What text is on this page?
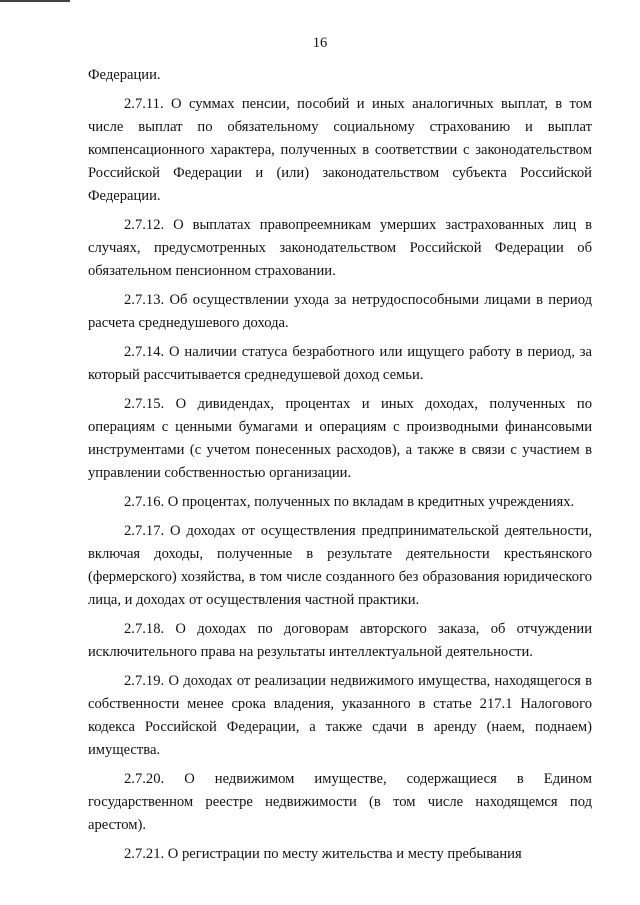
16

Федерации.

2.7.11. О суммах пенсии, пособий и иных аналогичных выплат, в том числе выплат по обязательному социальному страхованию и выплат компенсационного характера, полученных в соответствии с законодательством Российской Федерации и (или) законодательством субъекта Российской Федерации.

2.7.12. О выплатах правопреемникам умерших застрахованных лиц в случаях, предусмотренных законодательством Российской Федерации об обязательном пенсионном страховании.

2.7.13. Об осуществлении ухода за нетрудоспособными лицами в период расчета среднедушевого дохода.

2.7.14. О наличии статуса безработного или ищущего работу в период, за который рассчитывается среднедушевой доход семьи.

2.7.15. О дивидендах, процентах и иных доходах, полученных по операциям с ценными бумагами и операциям с производными финансовыми инструментами (с учетом понесенных расходов), а также в связи с участием в управлении собственностью организации.

2.7.16. О процентах, полученных по вкладам в кредитных учреждениях.

2.7.17. О доходах от осуществления предпринимательской деятельности, включая доходы, полученные в результате деятельности крестьянского (фермерского) хозяйства, в том числе созданного без образования юридического лица, и доходах от осуществления частной практики.

2.7.18. О доходах по договорам авторского заказа, об отчуждении исключительного права на результаты интеллектуальной деятельности.

2.7.19. О доходах от реализации недвижимого имущества, находящегося в собственности менее срока владения, указанного в статье 217.1 Налогового кодекса Российской Федерации, а также сдачи в аренду (наем, поднаем) имущества.

2.7.20. О недвижимом имуществе, содержащиеся в Едином государственном реестре недвижимости (в том числе находящемся под арестом).

2.7.21. О регистрации по месту жительства и месту пребывания
